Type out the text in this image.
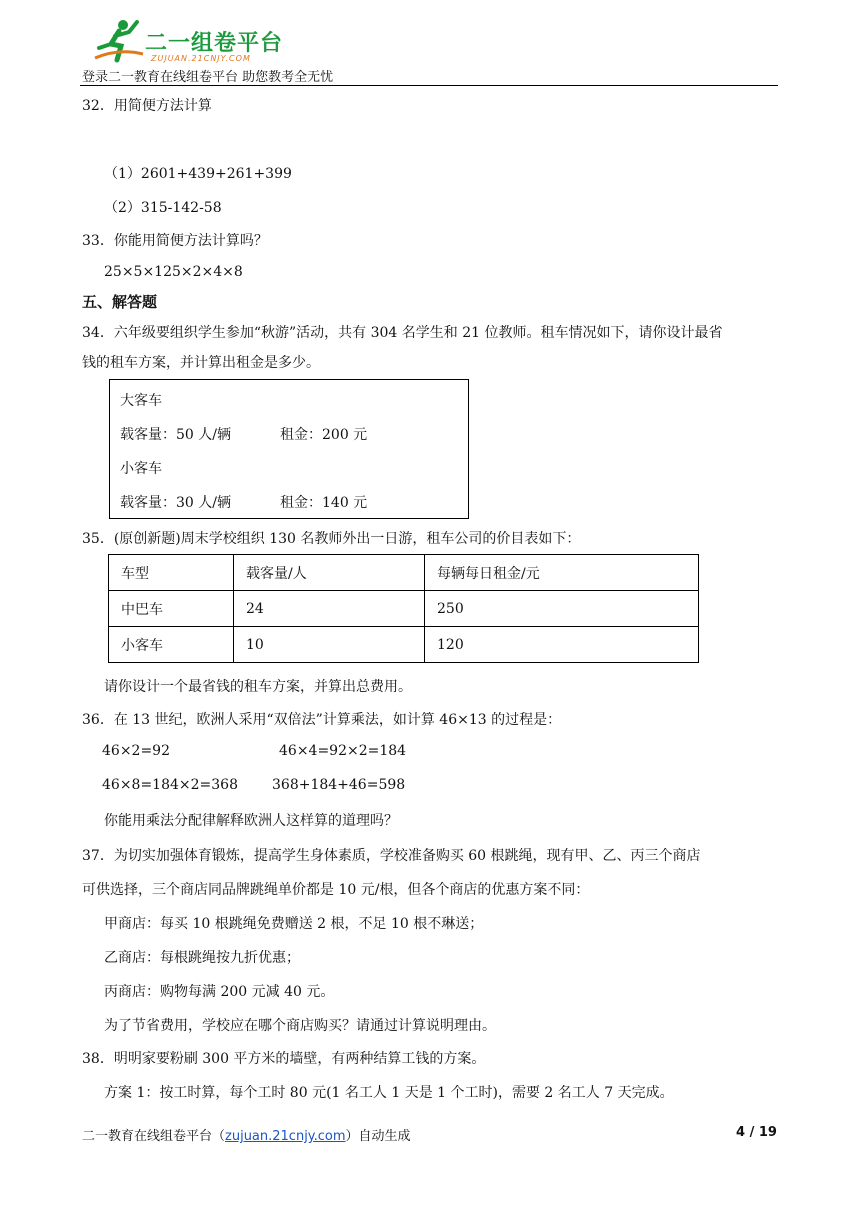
二一组卷平台
ZUJUAN.21CNJY.COM
登录二一教育在线组卷平台 助您教考全无忧
32．用简便方法计算
（1）2601+439+261+399
（2）315-142-58
33．你能用简便方法计算吗？
25×5×125×2×4×8
五、解答题
34．六年级要组织学生参加“秋游”活动，共有 304 名学生和 21 位教师。租车情况如下，请你设计最省
钱的租车方案，并计算出租金是多少。
大客车
载客量：50 人/辆	租金：200 元
小客车
载客量：30 人/辆	租金：140 元
35．(原创新题)周末学校组织 130 名教师外出一日游，租车公司的价目表如下：
车型	载客量/人	每辆每日租金/元
中巴车	24	250
小客车	10	120
请你设计一个最省钱的租车方案，并算出总费用。
36．在 13 世纪，欧洲人采用“双倍法”计算乘法，如计算 46×13 的过程是：
46×2=92	46×4=92×2=184
46×8=184×2=368 368+184+46=598
你能用乘法分配律解释欧洲人这样算的道理吗？
37．为切实加强体育锻炼，提高学生身体素质，学校准备购买 60 根跳绳，现有甲、乙、丙三个商店
可供选择，三个商店同品牌跳绳单价都是 10 元/根，但各个商店的优惠方案不同：
甲商店：每买 10 根跳绳免费赠送 2 根，不足 10 根不琳送；
乙商店：每根跳绳按九折优惠；
丙商店：购物每满 200 元减 40 元。
为了节省费用，学校应在哪个商店购买？请通过计算说明理由。
38．明明家要粉刷 300 平方米的墙壁，有两种结算工钱的方案。
方案 1：按工时算，每个工时 80 元(1 名工人 1 天是 1 个工时)，需要 2 名工人 7 天完成。
二一教育在线组卷平台（zujuan.21cnjy.com）自动生成	4 / 19
